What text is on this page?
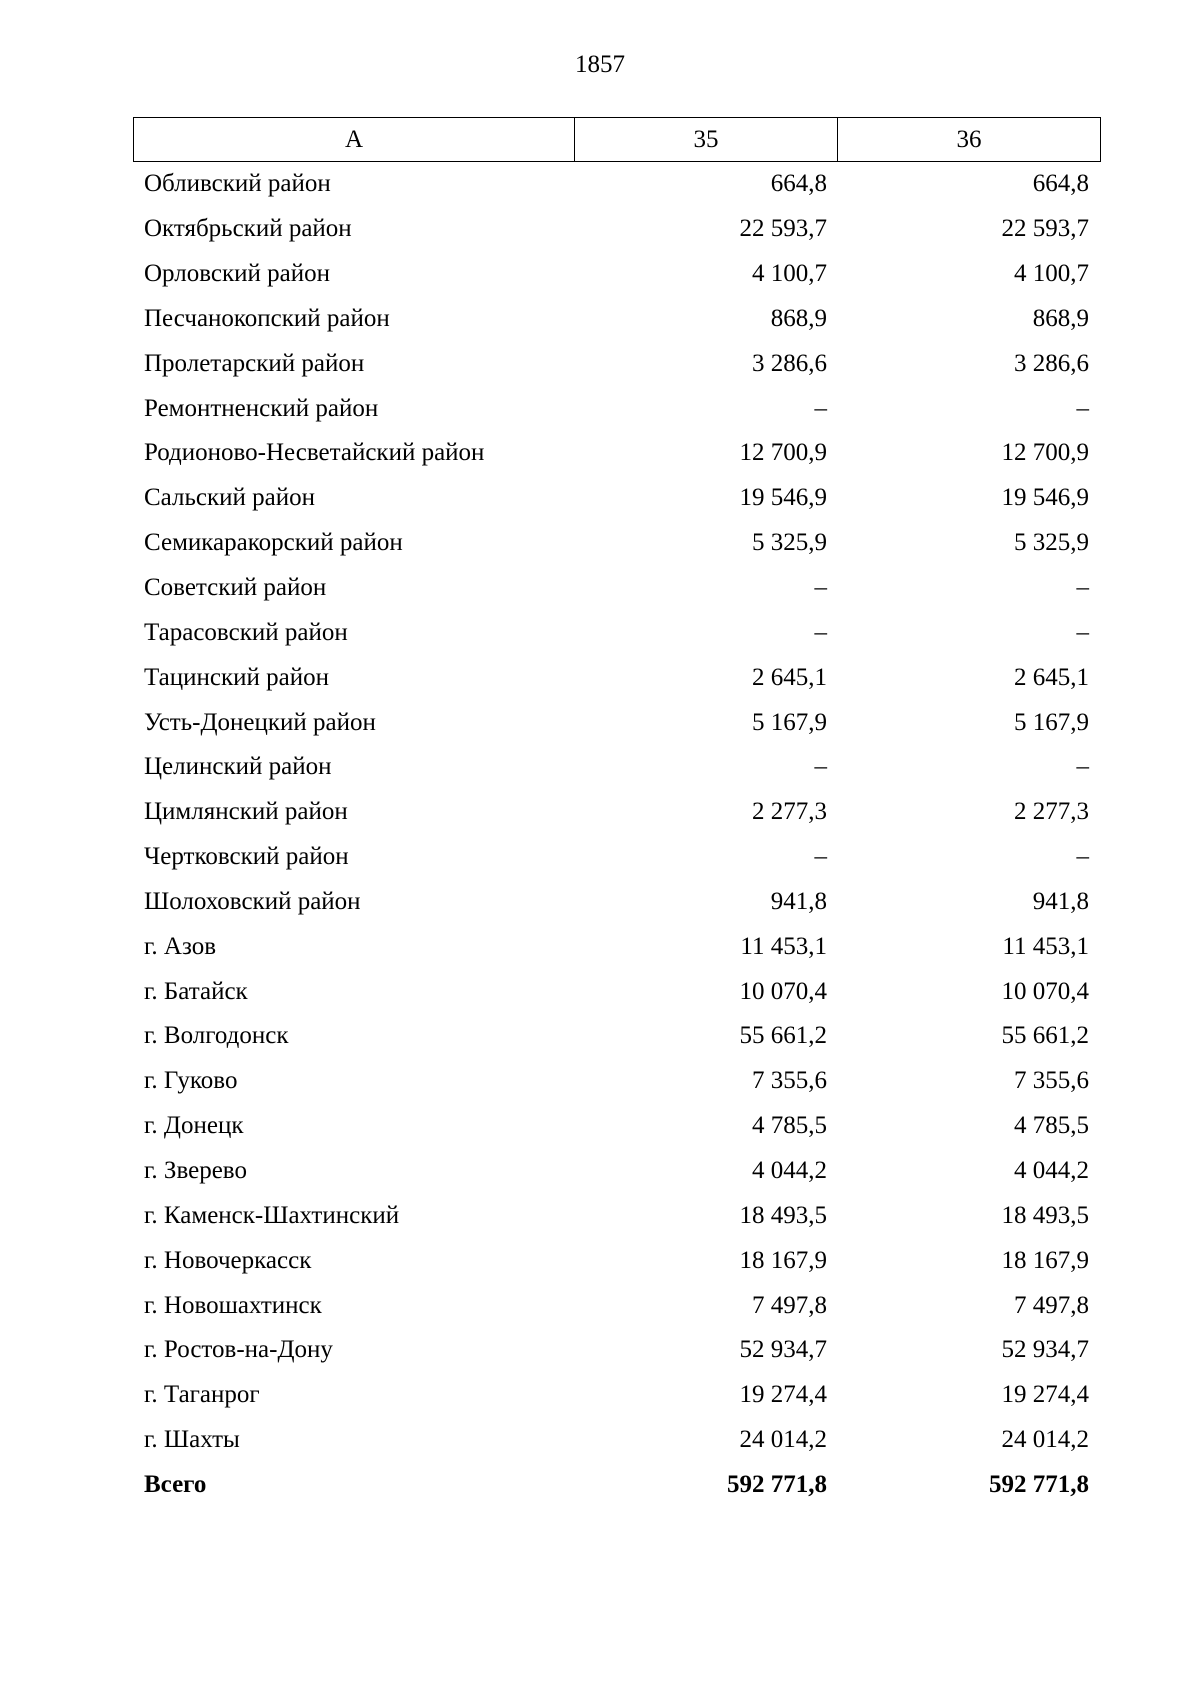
1857
А	35	36
Обливский район	664,8	664,8
Октябрьский район	22 593,7	22 593,7
Орловский район	4 100,7	4 100,7
Песчанокопский район	868,9	868,9
Пролетарский район	3 286,6	3 286,6
Ремонтненский район	–	–
Родионово-Несветайский район	12 700,9	12 700,9
Сальский район	19 546,9	19 546,9
Семикаракорский район	5 325,9	5 325,9
Советский район	–	–
Тарасовский район	–	–
Тацинский район	2 645,1	2 645,1
Усть-Донецкий район	5 167,9	5 167,9
Целинский район	–	–
Цимлянский район	2 277,3	2 277,3
Чертковский район	–	–
Шолоховский район	941,8	941,8
г. Азов	11 453,1	11 453,1
г. Батайск	10 070,4	10 070,4
г. Волгодонск	55 661,2	55 661,2
г. Гуково	7 355,6	7 355,6
г. Донецк	4 785,5	4 785,5
г. Зверево	4 044,2	4 044,2
г. Каменск-Шахтинский	18 493,5	18 493,5
г. Новочеркасск	18 167,9	18 167,9
г. Новошахтинск	7 497,8	7 497,8
г. Ростов-на-Дону	52 934,7	52 934,7
г. Таганрог	19 274,4	19 274,4
г. Шахты	24 014,2	24 014,2
Всего	592 771,8	592 771,8
